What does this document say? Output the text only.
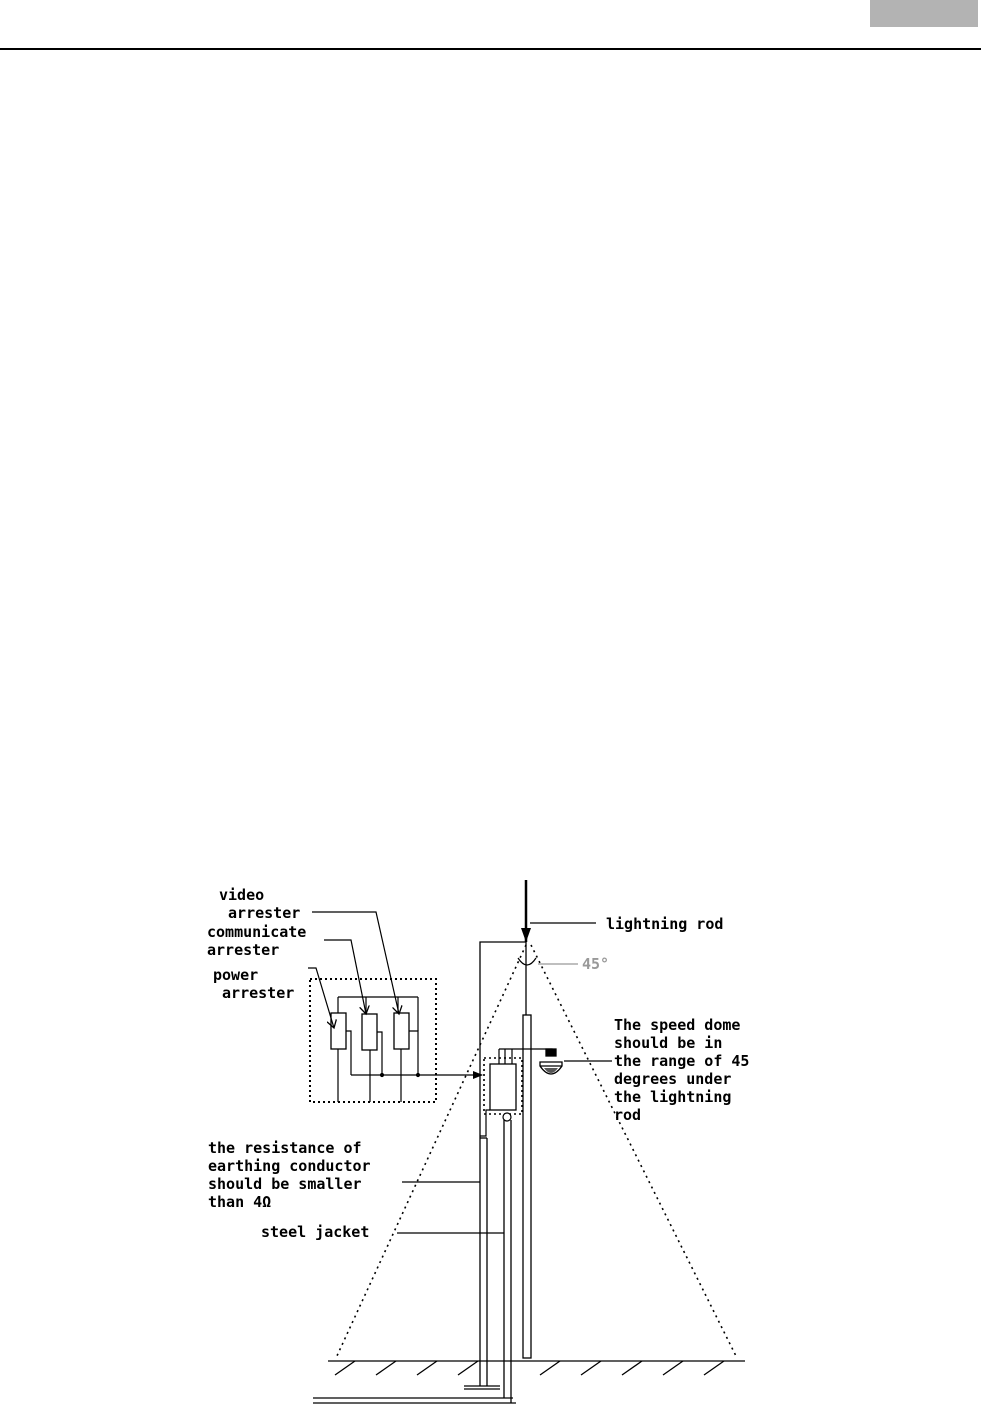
45°
video  arrester
communicate arrester
power  arrester
lightning rod
The speed dome should be in the range of 45 degrees under the lightning rod
the resistance of earthing conductor should be smaller than 4Ω
steel jacket
